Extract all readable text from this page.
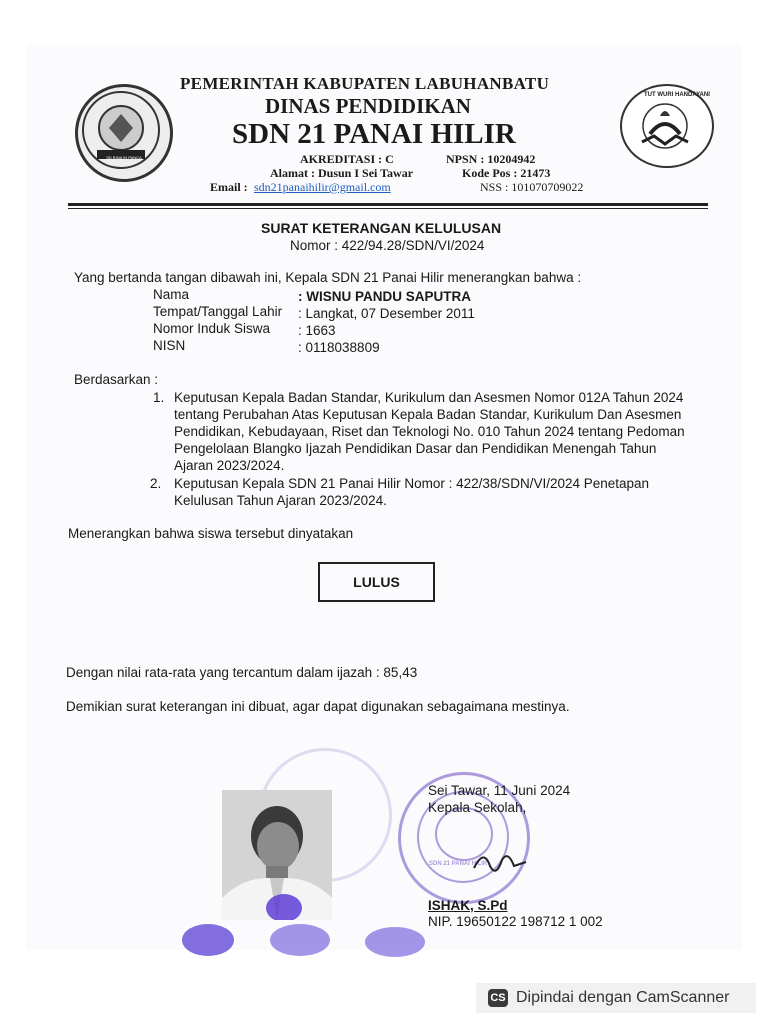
SD BINA IN PANCA
TUT WURI HANDAYANI
PEMERINTAH KABUPATEN LABUHANBATU
DINAS PENDIDIKAN
SDN 21 PANAI HILIR
AKREDITASI : C	NPSN : 10204942
Alamat : Dusun I Sei Tawar	Kode Pos : 21473
Email : sdn21panaihilir@gmail.com	NSS : 101070709022
SURAT KETERANGAN KELULUSAN
Nomor : 422/94.28/SDN/VI/2024
Yang bertanda tangan dibawah ini, Kepala SDN 21 Panai Hilir menerangkan bahwa :
Nama	: WISNU PANDU SAPUTRA
Tempat/Tanggal Lahir : Langkat, 07 Desember 2011
Nomor Induk Siswa : 1663
NISN	: 0118038809
Berdasarkan :
1. Keputusan Kepala Badan Standar, Kurikulum dan Asesmen Nomor 012A Tahun 2024
tentang Perubahan Atas Keputusan Kepala Badan Standar, Kurikulum Dan Asesmen
Pendidikan, Kebudayaan, Riset dan Teknologi No. 010 Tahun 2024 tentang Pedoman
Pengelolaan Blangko Ijazah Pendidikan Dasar dan Pendidikan Menengah Tahun
Ajaran 2023/2024.
2. Keputusan Kepala SDN 21 Panai Hilir Nomor : 422/38/SDN/VI/2024 Penetapan
Kelulusan Tahun Ajaran 2023/2024.
Menerangkan bahwa siswa tersebut dinyatakan
LULUS
Dengan nilai rata-rata yang tercantum dalam ijazah : 85,43
Demikian surat keterangan ini dibuat, agar dapat digunakan sebagaimana mestinya.
SDN 21 PANAI HILIR
Sei Tawar, 11 Juni 2024
Kepala Sekolah,
ISHAK, S.Pd
NIP. 19650122 198712 1 002
CS Dipindai dengan CamScanner
